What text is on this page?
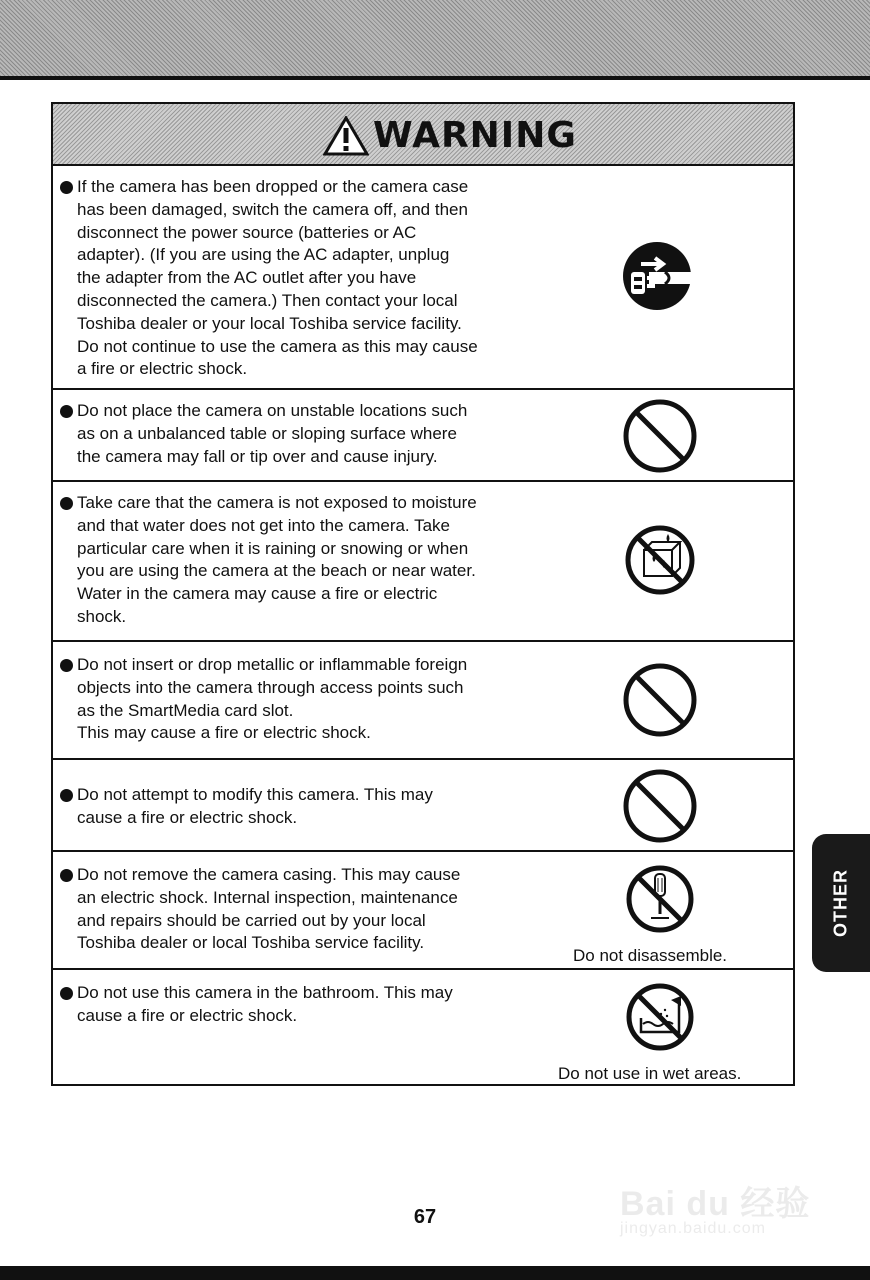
WARNING
If the camera has been dropped or the camera case
has been damaged, switch the camera off, and then
disconnect the power source (batteries or AC
adapter). (If you are using the AC adapter, unplug
the adapter from the AC outlet after you have
disconnected the camera.) Then contact your local
Toshiba dealer or your local Toshiba service facility.
Do not continue to use the camera as this may cause
a fire or electric shock.
Do not place the camera on unstable locations such
as on a unbalanced table or sloping surface where
the camera may fall or tip over and cause injury.
Take care that the camera is not exposed to moisture
and that water does not get into the camera. Take
particular care when it is raining or snowing or when
you are using the camera at the beach or near water.
Water in the camera may cause a fire or electric
shock.
Do not insert or drop metallic or inflammable foreign
objects into the camera through access points such
as the SmartMedia card slot.
This may cause a fire or electric shock.
Do not attempt to modify this camera. This may
cause a fire or electric shock.
Do not remove the camera casing. This may cause
an electric shock. Internal inspection, maintenance
and repairs should be carried out by your local
Toshiba dealer or local Toshiba service facility.
Do not disassemble.
Do not use this camera in the bathroom. This may
cause a fire or electric shock.
Do not use in wet areas.
OTHER
Bai du 经验
jingyan.baidu.com
67
